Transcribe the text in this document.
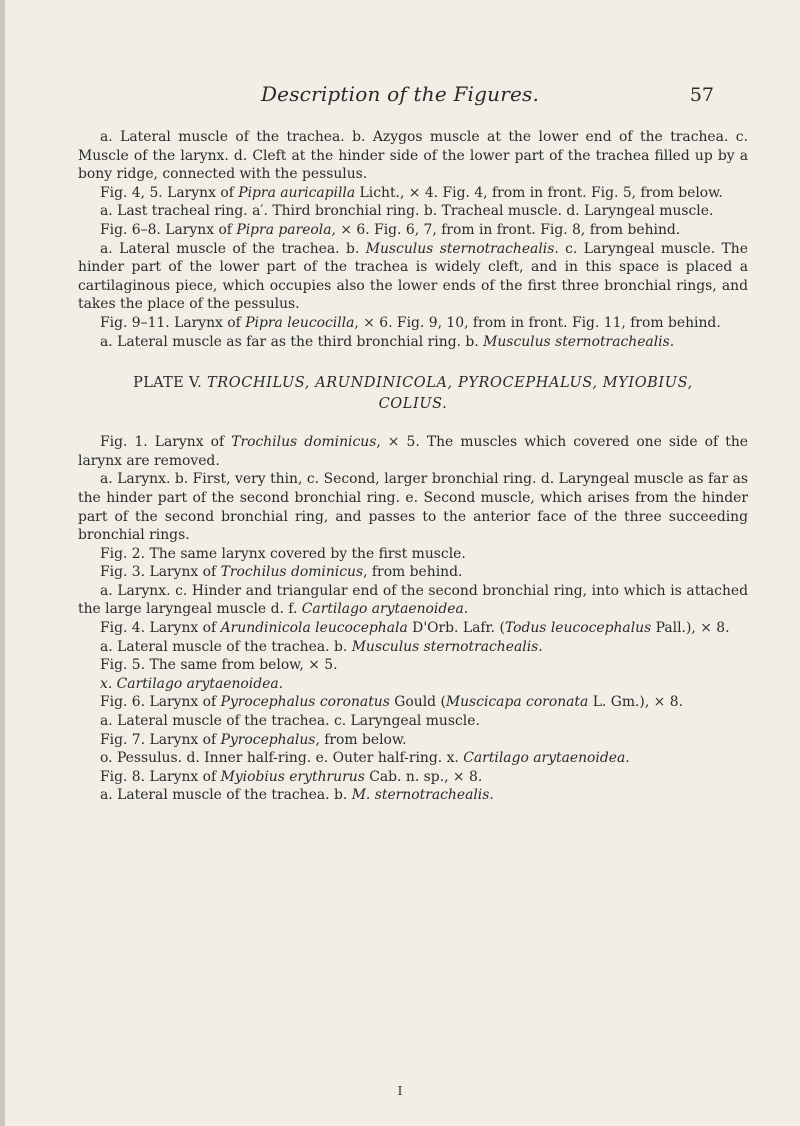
Description of the Figures.	57

a. Lateral muscle of the trachea. b. Azygos muscle at the lower end of the trachea. c. Muscle of the larynx. d. Cleft at the hinder side of the lower part of the trachea filled up by a bony ridge, connected with the pessulus.

Fig. 4, 5. Larynx of Pipra auricapilla Licht., × 4. Fig. 4, from in front. Fig. 5, from below.

a. Last tracheal ring. a′. Third bronchial ring. b. Tracheal muscle. d. Laryngeal muscle.

Fig. 6–8. Larynx of Pipra pareola, × 6. Fig. 6, 7, from in front. Fig. 8, from behind.

a. Lateral muscle of the trachea. b. Musculus sternotrachealis. c. Laryngeal muscle. The hinder part of the lower part of the trachea is widely cleft, and in this space is placed a cartilaginous piece, which occupies also the lower ends of the first three bronchial rings, and takes the place of the pessulus.

Fig. 9–11. Larynx of Pipra leucocilla, × 6. Fig. 9, 10, from in front. Fig. 11, from behind.

a. Lateral muscle as far as the third bronchial ring. b. Musculus sternotrachealis.

PLATE V. TROCHILUS, ARUNDINICOLA, PYROCEPHALUS, MYIOBIUS,
COLIUS.

Fig. 1. Larynx of Trochilus dominicus, × 5. The muscles which covered one side of the larynx are removed.

a. Larynx. b. First, very thin, c. Second, larger bronchial ring. d. Laryngeal muscle as far as the hinder part of the second bronchial ring. e. Second muscle, which arises from the hinder part of the second bronchial ring, and passes to the anterior face of the three succeeding bronchial rings.

Fig. 2. The same larynx covered by the first muscle.

Fig. 3. Larynx of Trochilus dominicus, from behind.

a. Larynx. c. Hinder and triangular end of the second bronchial ring, into which is attached the large laryngeal muscle d. f. Cartilago arytaenoidea.

Fig. 4. Larynx of Arundinicola leucocephala D'Orb. Lafr. (Todus leucocephalus Pall.), × 8.

a. Lateral muscle of the trachea. b. Musculus sternotrachealis.

Fig. 5. The same from below, × 5.

x. Cartilago arytaenoidea.

Fig. 6. Larynx of Pyrocephalus coronatus Gould (Muscicapa coronata L. Gm.), × 8.

a. Lateral muscle of the trachea. c. Laryngeal muscle.

Fig. 7. Larynx of Pyrocephalus, from below.

o. Pessulus. d. Inner half-ring. e. Outer half-ring. x. Cartilago arytaenoidea.

Fig. 8. Larynx of Myiobius erythrurus Cab. n. sp., × 8.

a. Lateral muscle of the trachea. b. M. sternotrachealis.

I
